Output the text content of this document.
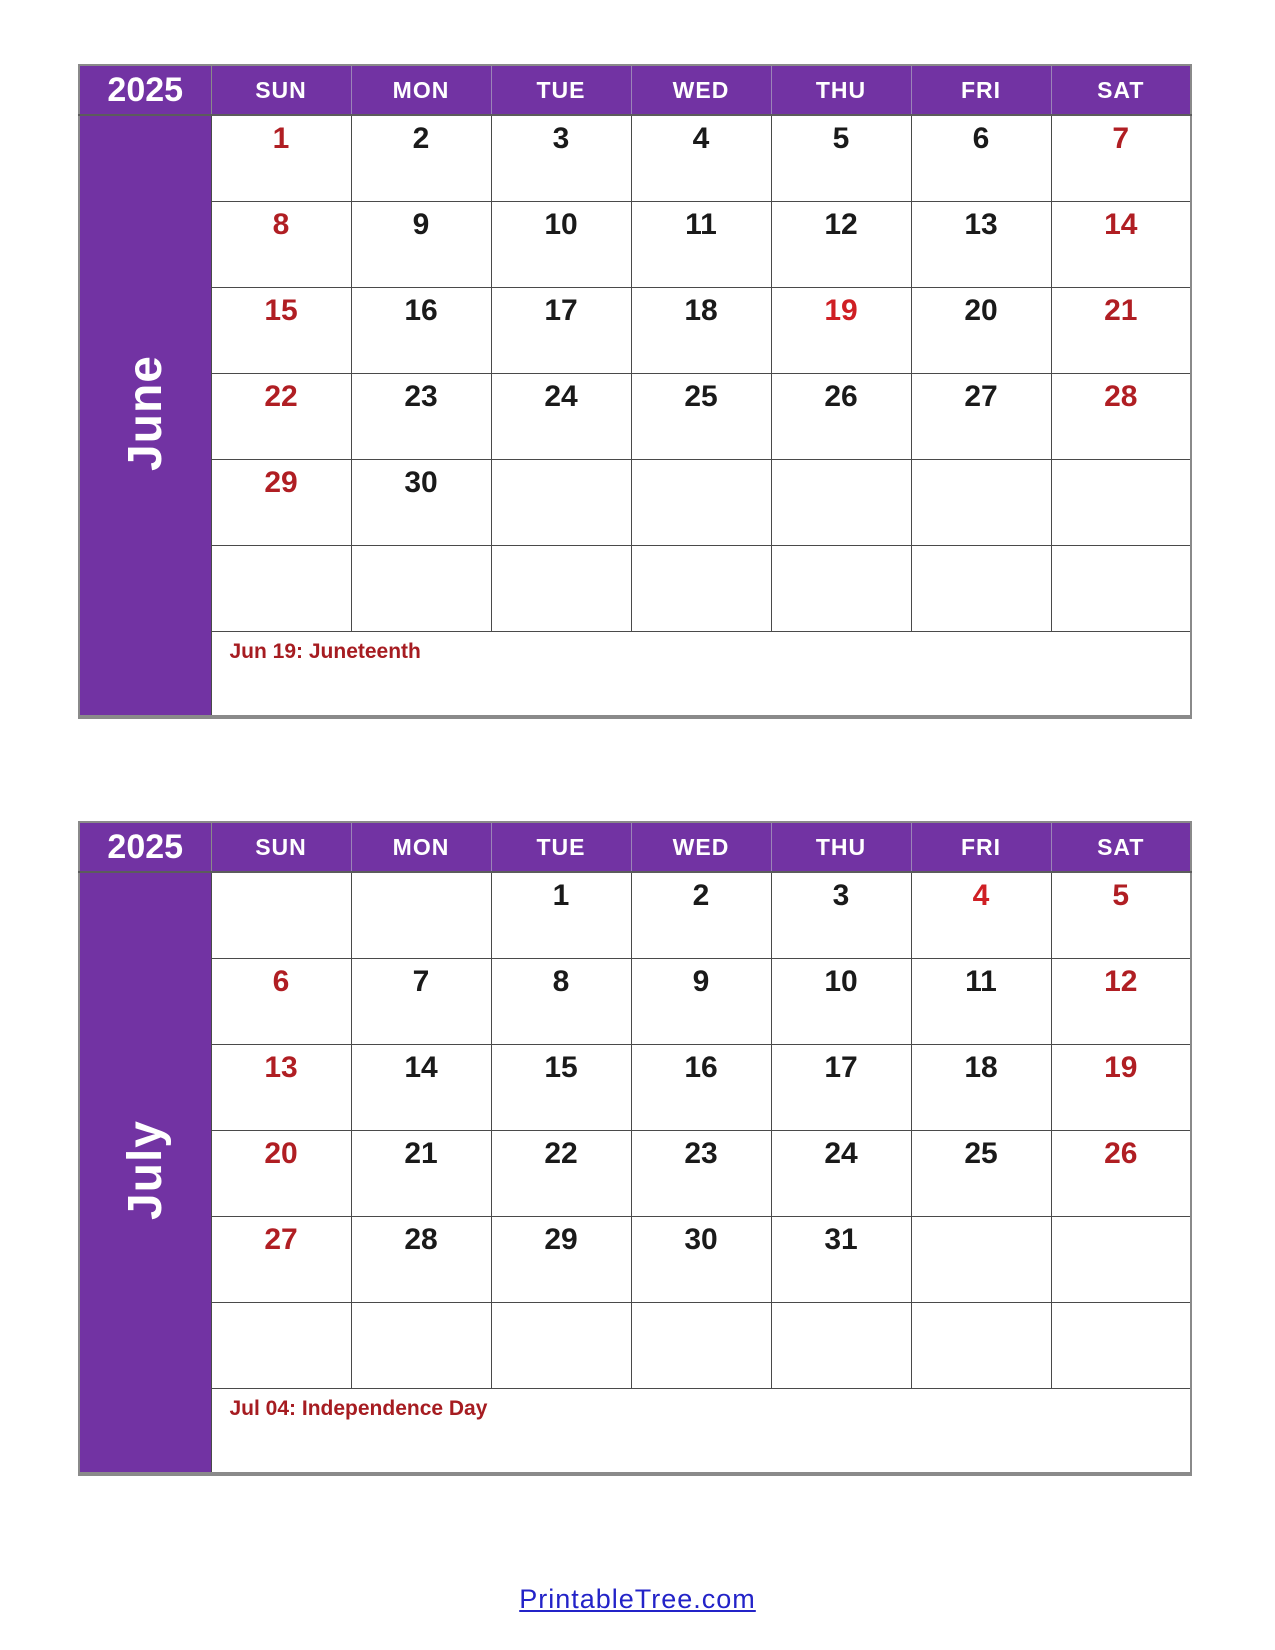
2025	SUN	MON	TUE	WED	THU	FRI	SAT
June	1	2	3	4	5	6	7
	8	9	10	11	12	13	14
	15	16	17	18	19	20	21
	22	23	24	25	26	27	28
	29	30					

	Jun 19: Juneteenth						
2025	SUN	MON	TUE	WED	THU	FRI	SAT
July			1	2	3	4	5
	6	7	8	9	10	11	12
	13	14	15	16	17	18	19
	20	21	22	23	24	25	26
	27	28	29	30	31		

	Jul 04: Independence Day						
PrintableTree.com
